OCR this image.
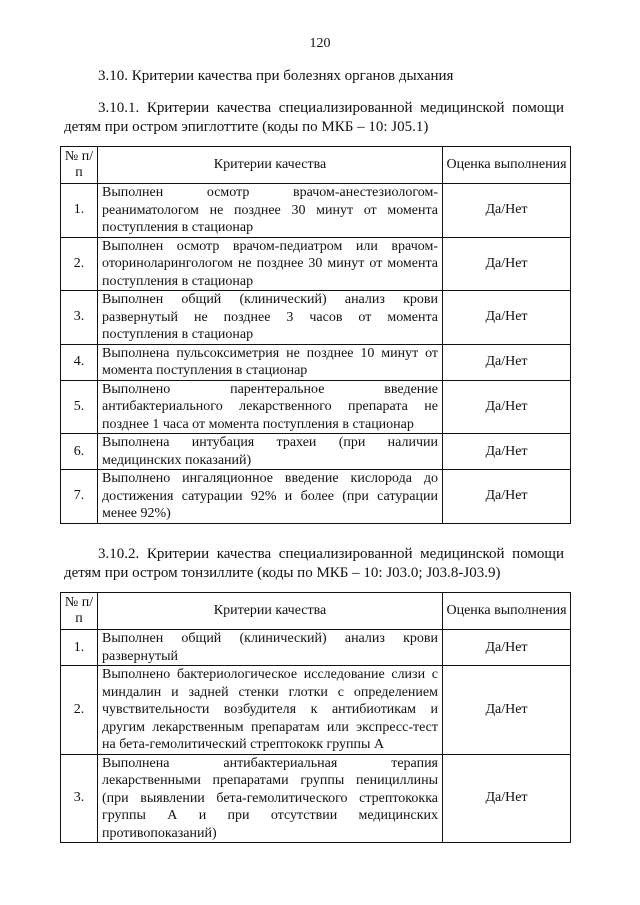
120
3.10. Критерии качества при болезнях органов дыхания
3.10.1. Критерии качества специализированной медицинской помощи детям при остром эпиглоттите (коды по МКБ – 10: J05.1)
№ п/п	Критерии качества	Оценка выполнения
1.	Выполнен осмотр врачом-анестезиологом-реаниматологом не позднее 30 минут от момента поступления в стационар	Да/Нет
2.	Выполнен осмотр врачом-педиатром или врачом-оториноларингологом не позднее 30 минут от момента поступления в стационар	Да/Нет
3.	Выполнен общий (клинический) анализ крови развернутый не позднее 3 часов от момента поступления в стационар	Да/Нет
4.	Выполнена пульсоксиметрия не позднее 10 минут от момента поступления в стационар	Да/Нет
5.	Выполнено парентеральное введение антибактериального лекарственного препарата не позднее 1 часа от момента поступления в стационар	Да/Нет
6.	Выполнена интубация трахеи (при наличии медицинских показаний)	Да/Нет
7.	Выполнено ингаляционное введение кислорода до достижения сатурации 92% и более (при сатурации менее 92%)	Да/Нет
3.10.2. Критерии качества специализированной медицинской помощи детям при остром тонзиллите (коды по МКБ – 10: J03.0; J03.8-J03.9)
№ п/п	Критерии качества	Оценка выполнения
1.	Выполнен общий (клинический) анализ крови развернутый	Да/Нет
2.	Выполнено бактериологическое исследование слизи с миндалин и задней стенки глотки с определением чувствительности возбудителя к антибиотикам и другим лекарственным препаратам или экспресс-тест на бета-гемолитический стрептококк группы А	Да/Нет
3.	Выполнена антибактериальная терапия лекарственными препаратами группы пенициллины (при выявлении бета-гемолитического стрептококка группы А и при отсутствии медицинских противопоказаний)	Да/Нет
